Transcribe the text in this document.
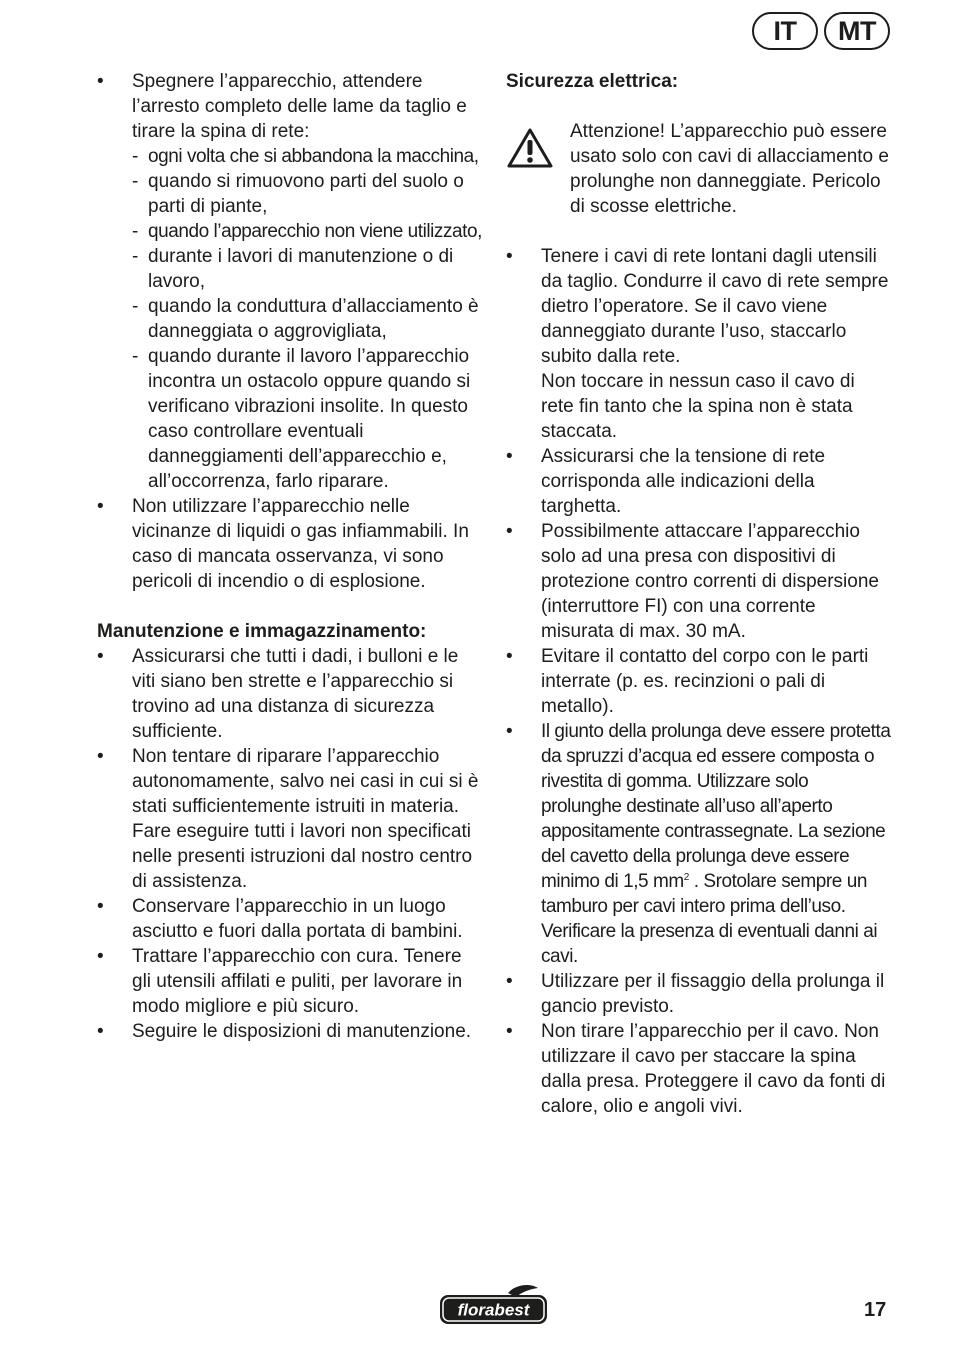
IT	MT
• Spegnere l’apparecchio, attendere l’arresto completo delle lame da taglio e tirare la spina di rete:
- ogni volta che si abbandona la macchina,
- quando si rimuovono parti del suolo o parti di piante,
- quando l’apparecchio non viene utilizzato,
- durante i lavori di manutenzione o di lavoro,
- quando la conduttura d’allacciamento è danneggiata o aggrovigliata,
- quando durante il lavoro l’apparecchio incontra un ostacolo oppure quando si verificano vibrazioni insolite. In questo caso controllare eventuali danneggiamenti dell’apparecchio e, all’occorrenza, farlo riparare.
• Non utilizzare l’apparecchio nelle vicinanze di liquidi o gas infiammabili. In caso di mancata osservanza, vi sono pericoli di incendio o di esplosione.

Manutenzione e immagazzinamento:

• Assicurarsi che tutti i dadi, i bulloni e le viti siano ben strette e l’apparecchio si trovino ad una distanza di sicurezza sufficiente.
• Non tentare di riparare l’apparecchio autonomamente, salvo nei casi in cui si è stati sufficientemente istruiti in materia. Fare eseguire tutti i lavori non specificati nelle presenti istruzioni dal nostro centro di assistenza.
• Conservare l’apparecchio in un luogo asciutto e fuori dalla portata di bambini.
• Trattare l’apparecchio con cura. Tenere gli utensili affilati e puliti, per lavorare in modo migliore e più sicuro.
• Seguire le disposizioni di manutenzione.

Sicurezza elettrica:

Attenzione! L’apparecchio può essere usato solo con cavi di allacciamento e prolunghe non danneggiate. Pericolo di scosse elettriche.
• Tenere i cavi di rete lontani dagli utensili da taglio. Condurre il cavo di rete sempre dietro l’operatore. Se il cavo viene danneggiato durante l’uso, staccarlo subito dalla rete.
Non toccare in nessun caso il cavo di rete fin tanto che la spina non è stata staccata.
• Assicurarsi che la tensione di rete corrisponda alle indicazioni della targhetta.
• Possibilmente attaccare l’apparecchio solo ad una presa con dispositivi di protezione contro correnti di dispersione (interruttore FI) con una corrente misurata di max. 30 mA.
• Evitare il contatto del corpo con le parti interrate (p. es. recinzioni o pali di metallo).
• Il giunto della prolunga deve essere protetta da spruzzi d’acqua ed essere composta o rivestita di gomma. Utilizzare solo prolunghe destinate all’uso all’aperto appositamente contrassegnate. La sezione del cavetto della prolunga deve essere minimo di 1,5 $mm^2$ . Srotolare sempre un tamburo per cavi intero prima dell’uso. Verificare la presenza di eventuali danni ai cavi.
• Utilizzare per il fissaggio della prolunga il gancio previsto.
• Non tirare l’apparecchio per il cavo. Non utilizzare il cavo per staccare la spina dalla presa. Proteggere il cavo da fonti di calore, olio e angoli vivi.
florabest	17
